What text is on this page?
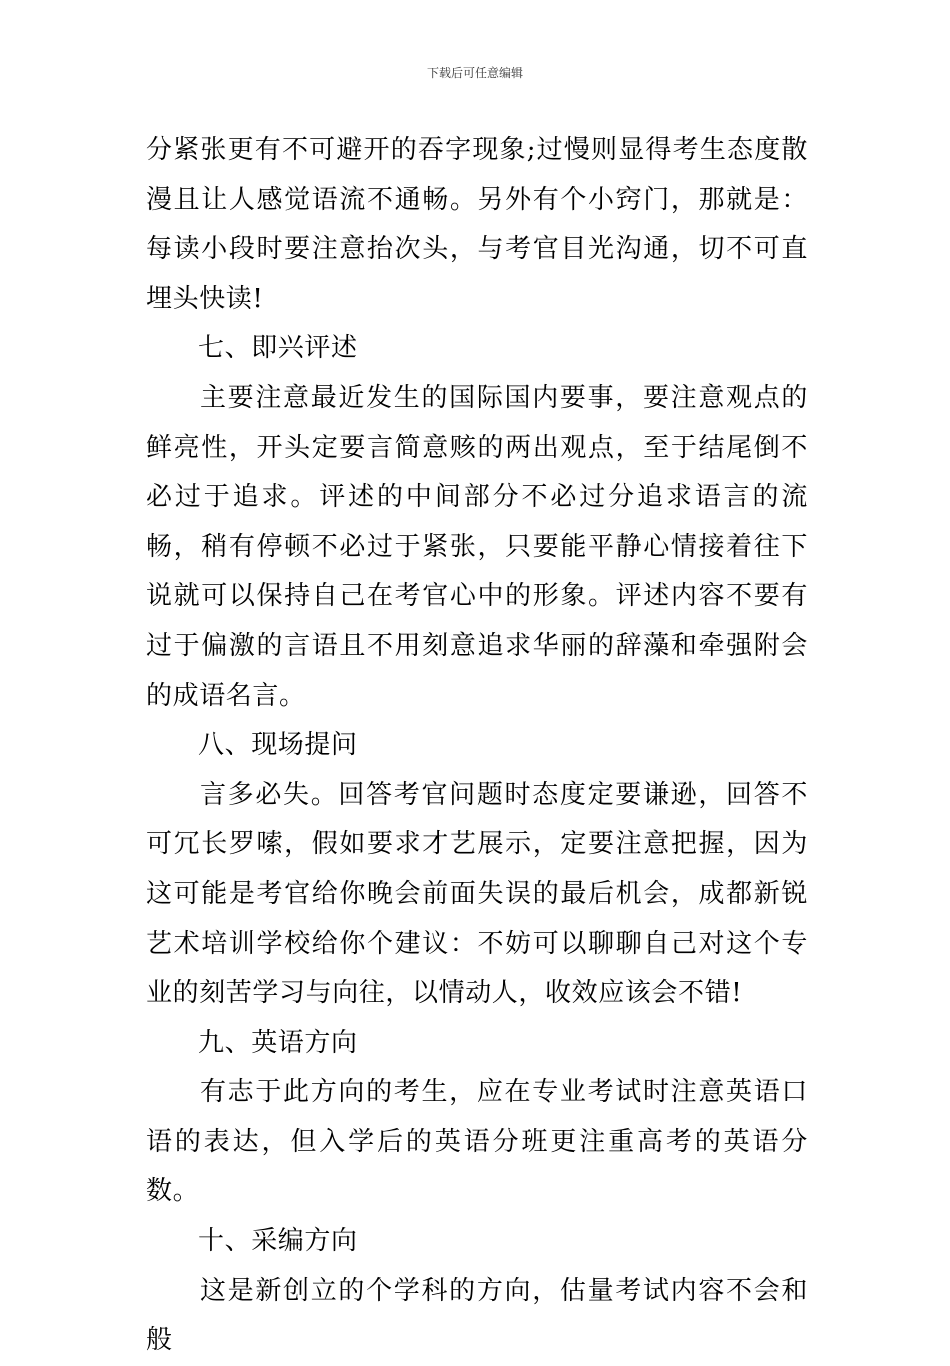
下载后可任意编辑

分紧张更有不可避开的吞字现象;过慢则显得考生态度散漫且让人感觉语流不通畅。另外有个小窍门，那就是：每读小段时要注意抬次头，与考官目光沟通，切不可直埋头快读!

七、即兴评述

主要注意最近发生的国际国内要事，要注意观点的鲜亮性，开头定要言简意赅的两出观点，至于结尾倒不必过于追求。评述的中间部分不必过分追求语言的流畅，稍有停顿不必过于紧张，只要能平静心情接着往下说就可以保持自己在考官心中的形象。评述内容不要有过于偏激的言语且不用刻意追求华丽的辞藻和牵强附会的成语名言。

八、现场提问

言多必失。回答考官问题时态度定要谦逊，回答不可冗长罗嗦，假如要求才艺展示，定要注意把握，因为这可能是考官给你晚会前面失误的最后机会，成都新锐艺术培训学校给你个建议：不妨可以聊聊自己对这个专业的刻苦学习与向往，以情动人，收效应该会不错!

九、英语方向

有志于此方向的考生，应在专业考试时注意英语口语的表达，但入学后的英语分班更注重高考的英语分数。

十、采编方向

这是新创立的个学科的方向，估量考试内容不会和般
